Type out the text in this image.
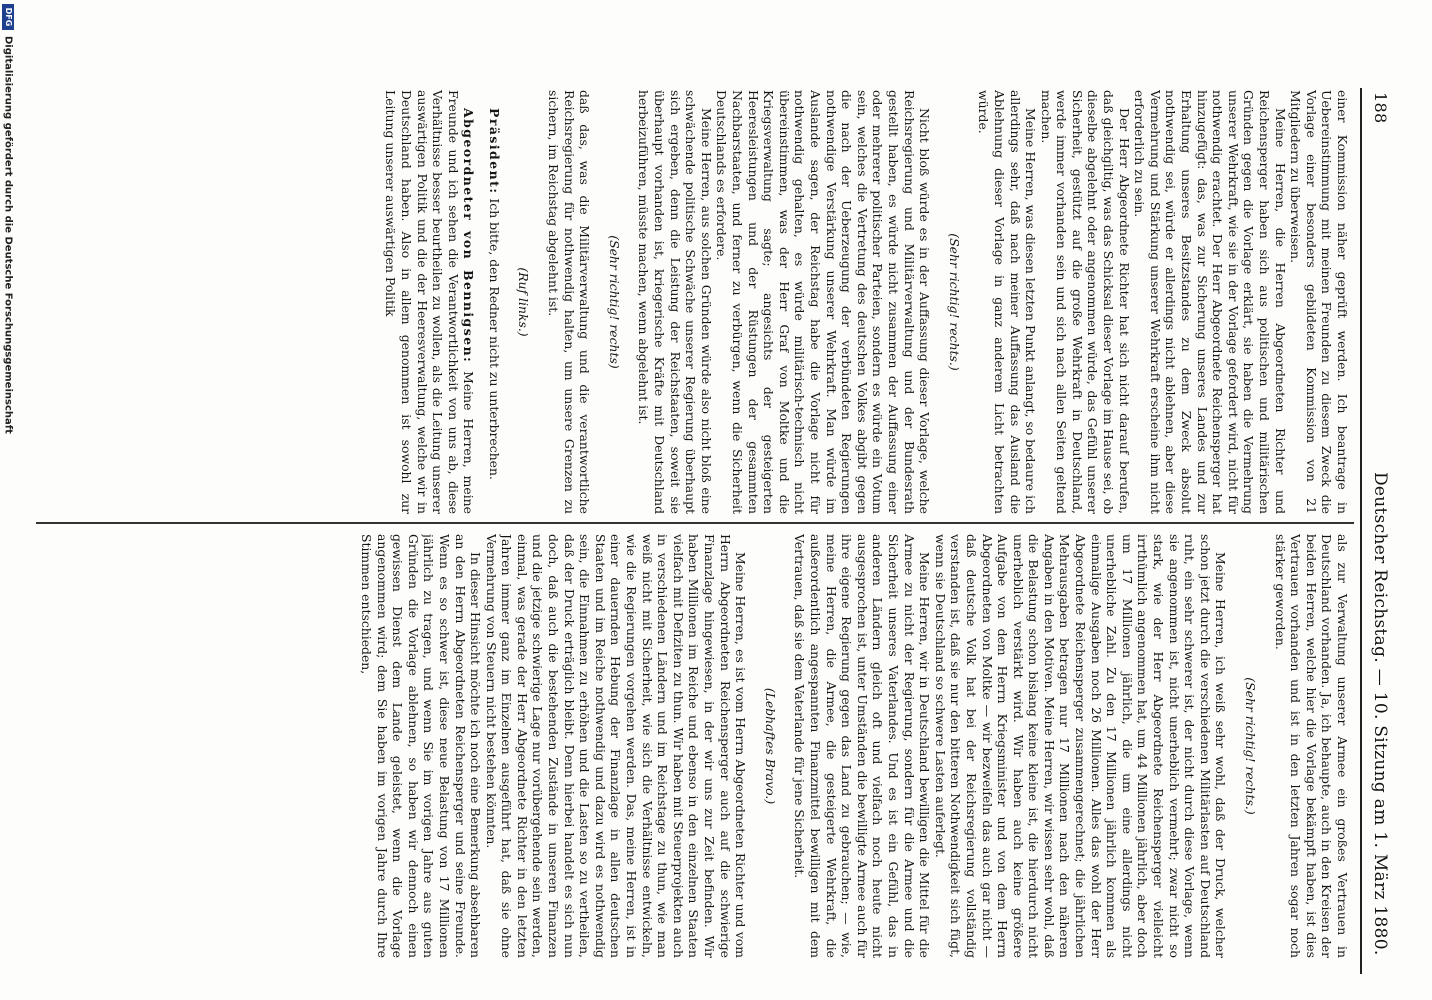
188
Deutscher Reichstag. — 10. Sitzung am 1. März 1880.

einer Kommission näher geprüft werden. Ich beantrage in Uebereinstimmung mit meinen Freunden zu diesem Zweck die Vorlage einer besonders gebildeten Kommission von 21 Mitgliedern zu überweisen.

Meine Herren, die Herren Abgeordneten Richter und Reichensperger haben sich aus politischen und militärischen Gründen gegen die Vorlage erklärt, sie haben die Vermehrung unserer Wehrkraft, wie sie in der Vorlage gefordert wird, nicht für nothwendig erachtet. Der Herr Abgeordnete Reichensperger hat hinzugefügt: das, was zur Sicherung unseres Landes und zur Erhaltung unseres Besitzstandes zu dem Zweck absolut nothwendig sei, würde er allerdings nicht ablehnen, aber diese Vermehrung und Stärkung unserer Wehrkraft erscheine ihm nicht erforderlich zu sein.

Der Herr Abgeordnete Richter hat sich nicht darauf berufen, daß gleichgiltig, was das Schicksal dieser Vorlage im Hause sei, ob dieselbe abgelehnt oder angenommen würde, das Gefühl unserer Sicherheit, gestützt auf die große Wehrkraft in Deutschland, werde immer vorhanden sein und sich nach allen Seiten geltend machen.

Meine Herren, was diesen letzten Punkt anlangt, so bedaure ich allerdings sehr, daß nach meiner Auffassung das Ausland die Ablehnung dieser Vorlage in ganz anderem Licht betrachten würde.

(Sehr richtig! rechts.)

Nicht bloß würde es in der Auffassung dieser Vorlage, welche Reichsregierung und Militärverwaltung und der Bundesrath gestellt haben, es würde nicht zusammen der Auffassung einer oder mehrerer politischer Parteien, sondern es würde ein Votum sein, welches die Vertretung des deutschen Volkes abgibt gegen die nach der Ueberzeugung der verbündeten Regierungen nothwendige Verstärkung unserer Wehrkraft. Man würde im Auslande sagen, der Reichstag habe die Vorlage nicht für nothwendig gehalten, es würde militärisch-technisch nicht übereinstimmen, was der Herr Graf von Moltke und die Kriegsverwaltung sagte; angesichts der gesteigerten Heeresleistungen und der Rüstungen der gesammten Nachbarstaaten, und ferner zu verbürgen, wenn die Sicherheit Deutschlands es erfordere.

Meine Herren, aus solchen Gründen würde also nicht bloß eine schwächende politische Schwäche unserer Regierung überhaupt sich ergeben, denn die Leistung der Reichstaaten, soweit sie überhaupt vorhanden ist, kriegerische Kräfte mit Deutschland herbeizuführen, müsste machen, wenn abgelehnt ist.

(Sehr richtig! rechts)

daß das, was die Militärverwaltung und die verantwortliche Reichsregierung für nothwendig halten, um unsere Grenzen zu sichern, im Reichstag abgelehnt ist.

(Ruf links.)

Präsident: Ich bitte, den Redner nicht zu unterbrechen.

Abgeordneter von Bennigsen: Meine Herren, meine Freunde und ich sehen die Verantwortlichkeit von uns ab, diese Verhältnisse besser beurtheilen zu wollen, als die Leitung unserer auswärtigen Politik und die der Heeresverwaltung, welche wir in Deutschland haben. Also in allem genommen ist sowohl zur Leitung unserer auswärtigen Politik

als zur Verwaltung unserer Armee ein großes Vertrauen in Deutschland vorhanden. Ja, ich behaupte, auch in den Kreisen der beiden Herren, welche hier die Vorlage bekämpft haben, ist dies Vertrauen vorhanden und ist in den letzten Jahren sogar noch stärker geworden.

(Sehr richtig! rechts.)

Meine Herren, ich weiß sehr wohl, daß der Druck, welcher schon jetzt durch die verschiedenen Militärlasten auf Deutschland ruht, ein sehr schwerer ist, der nicht durch diese Vorlage, wenn sie angenommen ist, nicht unerheblich vermehrt; zwar nicht so stark, wie der Herr Abgeordnete Reichensperger vielleicht irrthümlich angenommen hat, um 44 Millionen jährlich, aber doch um 17 Millionen jährlich, die um eine allerdings nicht unerhebliche Zahl. Zu den 17 Millionen jährlich kommen als einmalige Ausgaben noch 26 Millionen. Alles das wohl der Herr Abgeordnete Reichensperger zusammengerechnet; die jährlichen Mehrausgaben betragen nur 17 Millionen nach den näheren Angaben in den Motiven. Meine Herren, wir wissen sehr wohl, daß die Belastung schon bislang keine kleine ist, die hierdurch nicht unerheblich verstärkt wird. Wir haben auch keine größere Aufgabe von dem Herrn Kriegsminister und von dem Herrn Abgeordneten von Moltke — wir bezweifeln das auch gar nicht — daß deutsche Volk hat bei der Reichsregierung vollständig verstanden ist, daß sie nur den bitteren Nothwendigkeit sich fügt, wenn sie Deutschland so schwere Lasten auferlegt.

Meine Herren, wir in Deutschland bewilligen die Mittel für die Armee zu nicht der Regierung, sondern für die Armee und die Sicherheit unseres Vaterlandes. Und es ist ein Gefühl, das in anderen Ländern gleich oft und vielfach noch heute nicht ausgesprochen ist, unter Umständen die bewilligte Armee auch für ihre eigene Regierung gegen das Land zu gebrauchen; — wie, meine Herren, die Armee, die gesteigerte Wehrkraft, die außerordentlich angespannten Finanzmittel bewilligen mit dem Vertrauen, daß sie dem Vaterlande für jene Sicherheit.

(Lebhaftes Bravo.)

Meine Herren, es ist vom Herrn Abgeordneten Richter und vom Herrn Abgeordneten Reichensperger auch auf die schwierige Finanzlage hingewiesen, in der wir uns zur Zeit befinden. Wir haben Millionen im Reiche und ebenso in den einzelnen Staaten vielfach mit Defiziten zu thun. Wir haben mit Steuerprojekten auch in verschiedenen Ländern und im Reichstage zu thun, wie man weiß nicht mit Sicherheit, wie sich die Verhältnisse entwickeln, wie die Regierungen vorgehen werden. Das, meine Herren, ist in einer dauernden Hebung der Finanzlage in allen deutschen Staaten und im Reiche nothwendig und dazu wird es nothwendig sein, die Einnahmen zu erhöhen und die Lasten so zu vertheilen, daß der Druck erträglich bleibt. Denn hierbei handelt es sich nun doch, daß auch die bestehenden Zustände in unseren Finanzen und die jetzige schwierige Lage nur vorübergehende sein werden, einmal, was gerade der Herr Abgeordnete Richter in den letzten Jahren immer ganz im Einzelnen ausgeführt hat, daß sie ohne Vermehrung von Steuern nicht bestehen könnten.

In dieser Hinsicht möchte ich noch eine Bemerkung absehbaren an den Herrn Abgeordneten Reichensperger und seine Freunde. Wenn es so schwer ist, diese neue Belastung von 17 Millionen jährlich zu tragen, und wenn Sie im vorigen Jahre aus guten Gründen die Vorlage ablehnen, so haben wir dennoch einen gewissen Dienst dem Lande geleistet, wenn die Vorlage angenommen wird; dem Sie haben im vorigen Jahre durch Ihre Stimmen entschieden,

DFGDigitalisierung gefördert durch die Deutsche Forschungsgemeinschaft
